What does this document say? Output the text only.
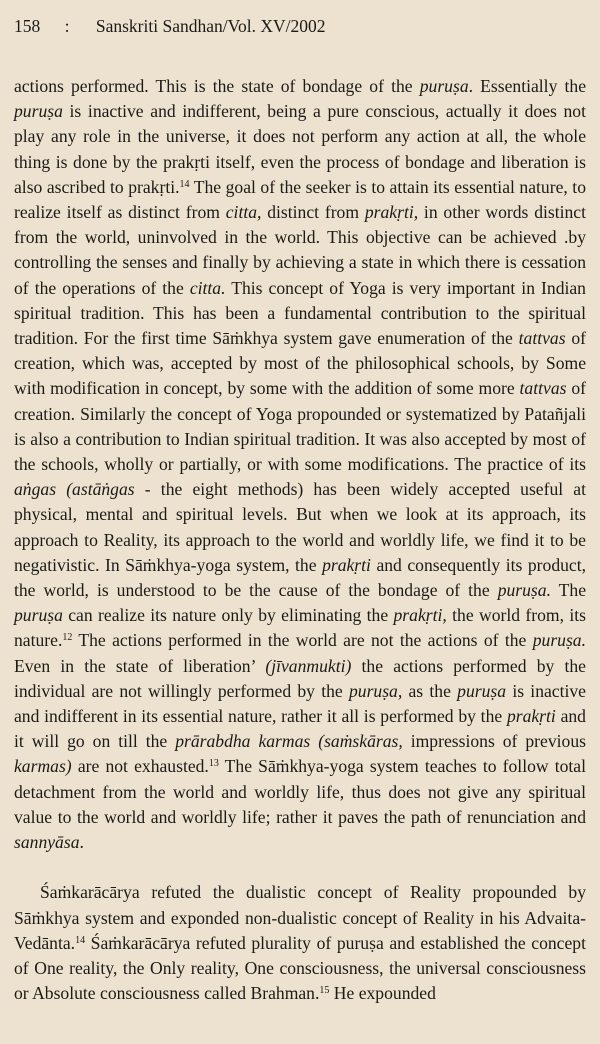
158 : Sanskriti Sandhan/Vol. XV/2002

actions performed. This is the state of bondage of the puruṣa. Essentially the puruṣa is inactive and indifferent, being a pure conscious, actually it does not play any role in the universe, it does not perform any action at all, the whole thing is done by the prakṛti itself, even the process of bondage and liberation is also ascribed to prakṛti.$^{14}$ The goal of the seeker is to attain its essential nature, to realize itself as distinct from citta, distinct from prakṛti, in other words distinct from the world, uninvolved in the world. This objective can be achieved .by controlling the senses and finally by achieving a state in which there is cessation of the operations of the citta. This concept of Yoga is very important in Indian spiritual tradition. This has been a fundamental contribution to the spiritual tradition. For the first time Sāṁkhya system gave enumeration of the tattvas of creation, which was, accepted by most of the philosophical schools, by Some with modification in concept, by some with the addition of some more tattvas of creation. Similarly the concept of Yoga propounded or systematized by Patañjali is also a contribution to Indian spiritual tradition. It was also accepted by most of the schools, wholly or partially, or with some modifications. The practice of its aṅgas (astāṅgas - the eight methods) has been widely accepted useful at physical, mental and spiritual levels. But when we look at its approach, its approach to Reality, its approach to the world and worldly life, we find it to be negativistic. In Sāṁkhya-yoga system, the prakṛti and consequently its product, the world, is understood to be the cause of the bondage of the puruṣa. The puruṣa can realize its nature only by eliminating the prakṛti, the world from, its nature.$^{12}$ The actions performed in the world are not the actions of the puruṣa. Even in the state of liberation’ (jīvanmukti) the actions performed by the individual are not willingly performed by the puruṣa, as the puruṣa is inactive and indifferent in its essential nature, rather it all is performed by the prakṛti and it will go on till the prārabdha karmas (saṁskāras, impressions of previous karmas) are not exhausted.$^{13}$ The Sāṁkhya-yoga system teaches to follow total detachment from the world and worldly life, thus does not give any spiritual value to the world and worldly life; rather it paves the path of renunciation and sannyāsa.

Śaṁkarācārya refuted the dualistic concept of Reality propounded by Sāṁkhya system and exponded non-dualistic concept of Reality in his Advaita-Vedānta.$^{14}$ Śaṁkarācārya refuted plurality of puruṣa and established the concept of One reality, the Only reality, One consciousness, the universal consciousness or Absolute consciousness called Brahman.$^{15}$ He expounded
